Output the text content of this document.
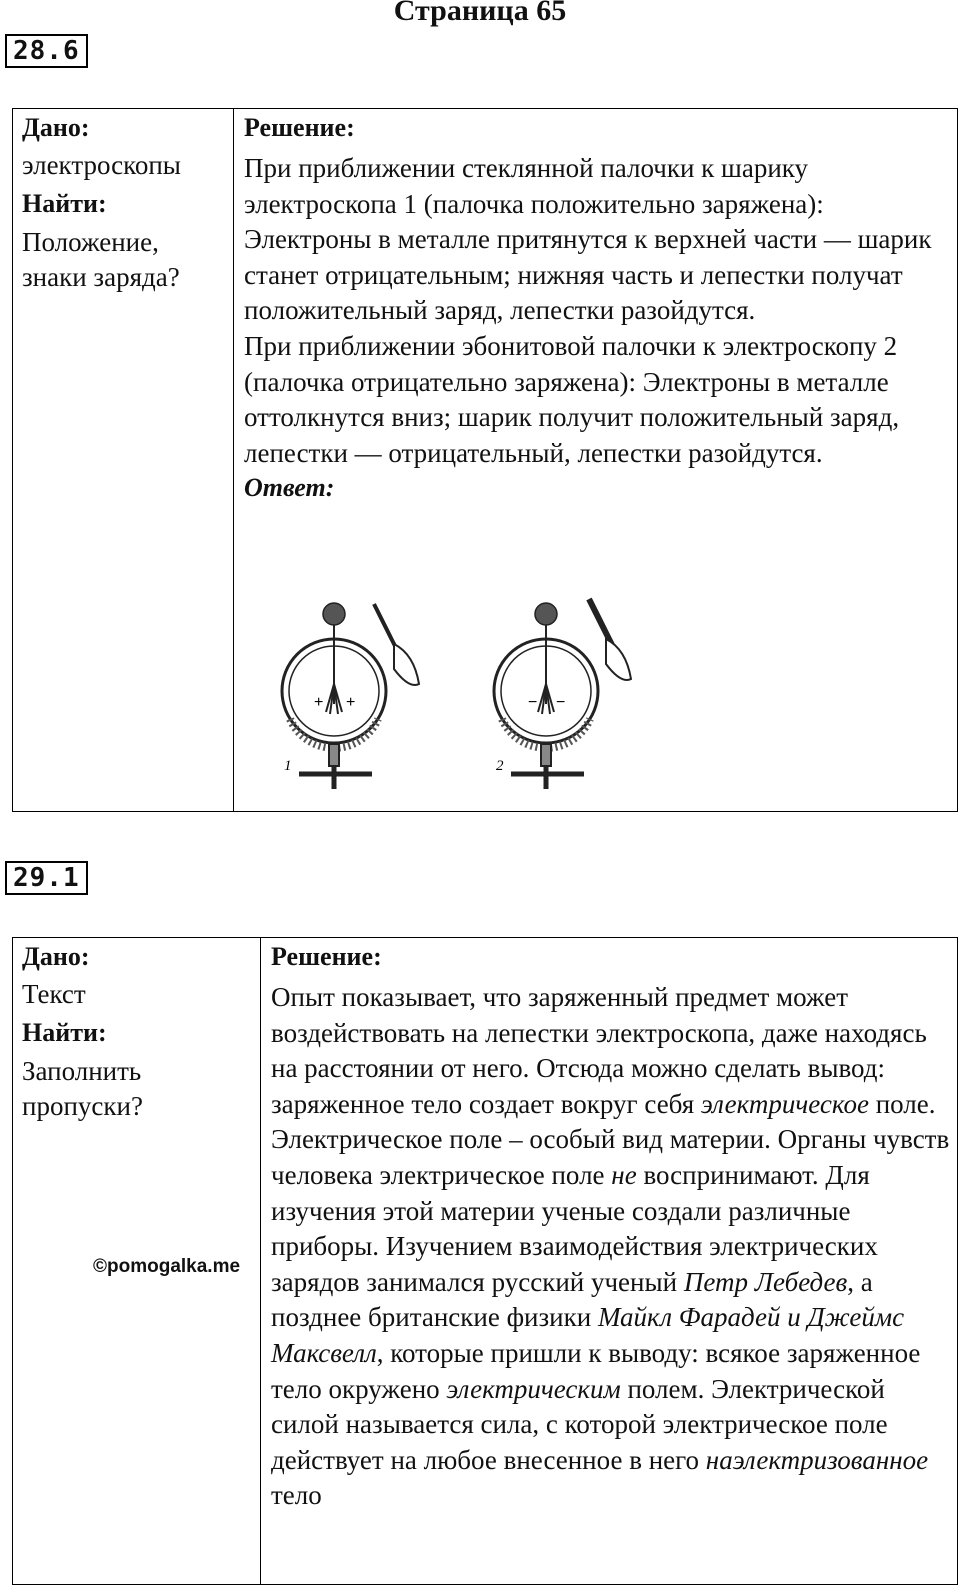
Страница 65
28.6
Дано:
электроскопы
Найти:
Положение, знаки заряда?
Решение:
При приближении стеклянной палочки к шарику электроскопа 1 (палочка положительно заряжена): Электроны в металле притянутся к верхней части — шарик станет отрицательным; нижняя часть и лепестки получат положительный заряд, лепестки разойдутся.
При приближении эбонитовой палочки к электроскопу 2 (палочка отрицательно заряжена): Электроны в металле оттолкнутся вниз; шарик получит положительный заряд, лепестки — отрицательный, лепестки разойдутся.
Ответ:
+ +
1
− −
2
29.1
Дано:
Текст
Найти:
Заполнить пропуски?
©pomogalka.me
Решение:
Опыт показывает, что заряженный предмет может воздействовать на лепестки электроскопа, даже находясь на расстоянии от него. Отсюда можно сделать вывод: заряженное тело создает вокруг себя электрическое поле. Электрическое поле – особый вид материи. Органы чувств человека электрическое поле не воспринимают. Для изучения этой материи ученые создали различные приборы. Изучением взаимодействия электрических зарядов занимался русский ученый Петр Лебедев, а позднее британские физики Майкл Фарадей и Джеймс Максвелл, которые пришли к выводу: всякое заряженное тело окружено электрическим полем. Электрической силой называется сила, с которой электрическое поле действует на любое внесенное в него наэлектризованное тело
